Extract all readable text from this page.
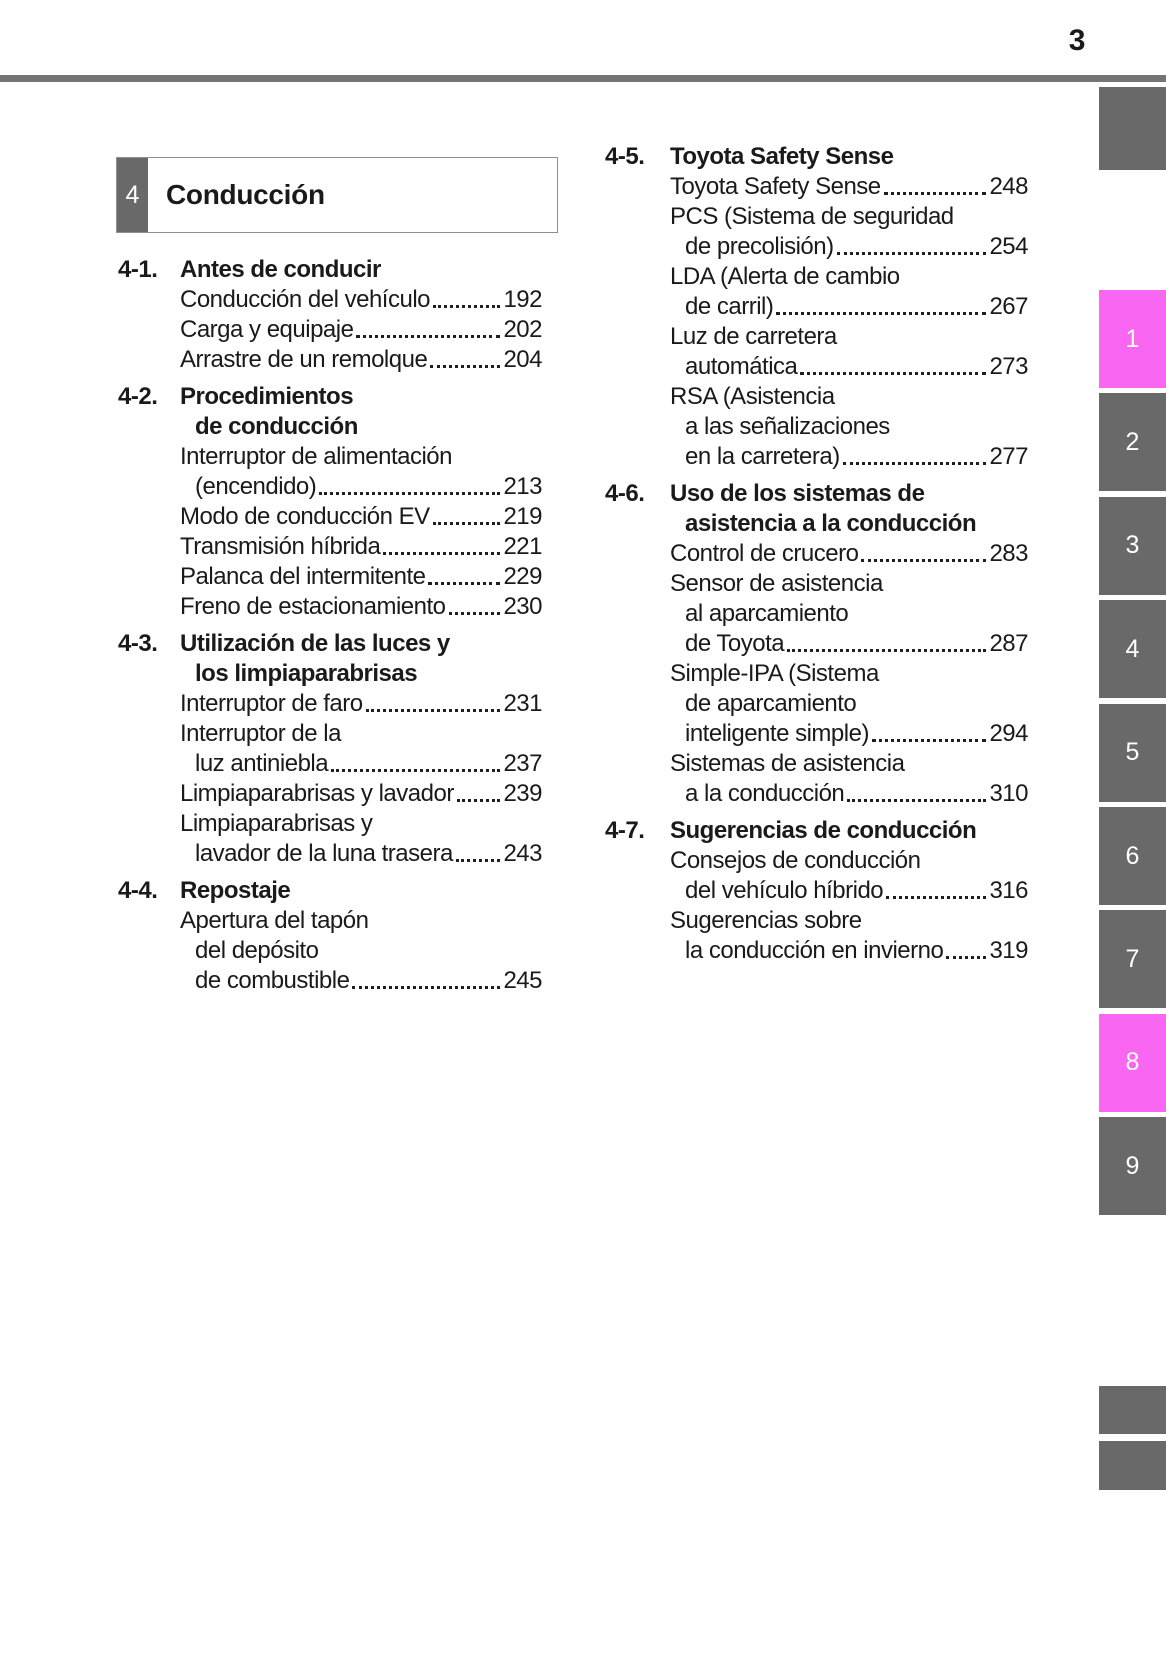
3
4 Conducción
4-1. Antes de conducir
Conducción del vehículo	192
Carga y equipaje	202
Arrastre de un remolque	204
4-2. Procedimientos
de conducción
Interruptor de alimentación
(encendido)	213
Modo de conducción EV	219
Transmisión híbrida	221
Palanca del intermitente	229
Freno de estacionamiento 230
4-3. Utilización de las luces y
los limpiaparabrisas
Interruptor de faro	231
Interruptor de la
luz antiniebla	237
Limpiaparabrisas y lavador 239
Limpiaparabrisas y
lavador de la luna trasera 243
4-4. Repostaje
Apertura del tapón
del depósito
de combustible	245
4-5.	Toyota Safety Sense
Toyota Safety Sense	248
PCS (Sistema de seguridad
de precolisión)	254
LDA (Alerta de cambio
de carril)	267
Luz de carretera
automática	273
RSA (Asistencia
a las señalizaciones
en la carretera)	277
4-6.	Uso de los sistemas de
asistencia a la conducción
Control de crucero	283
Sensor de asistencia
al aparcamiento
de Toyota	287
Simple-IPA (Sistema
de aparcamiento
inteligente simple)	294
Sistemas de asistencia
a la conducción	310
4-7.	Sugerencias de conducción
Consejos de conducción
del vehículo híbrido	316
Sugerencias sobre
la conducción en invierno 319
1
2
3
4
5
6
7
8
9
